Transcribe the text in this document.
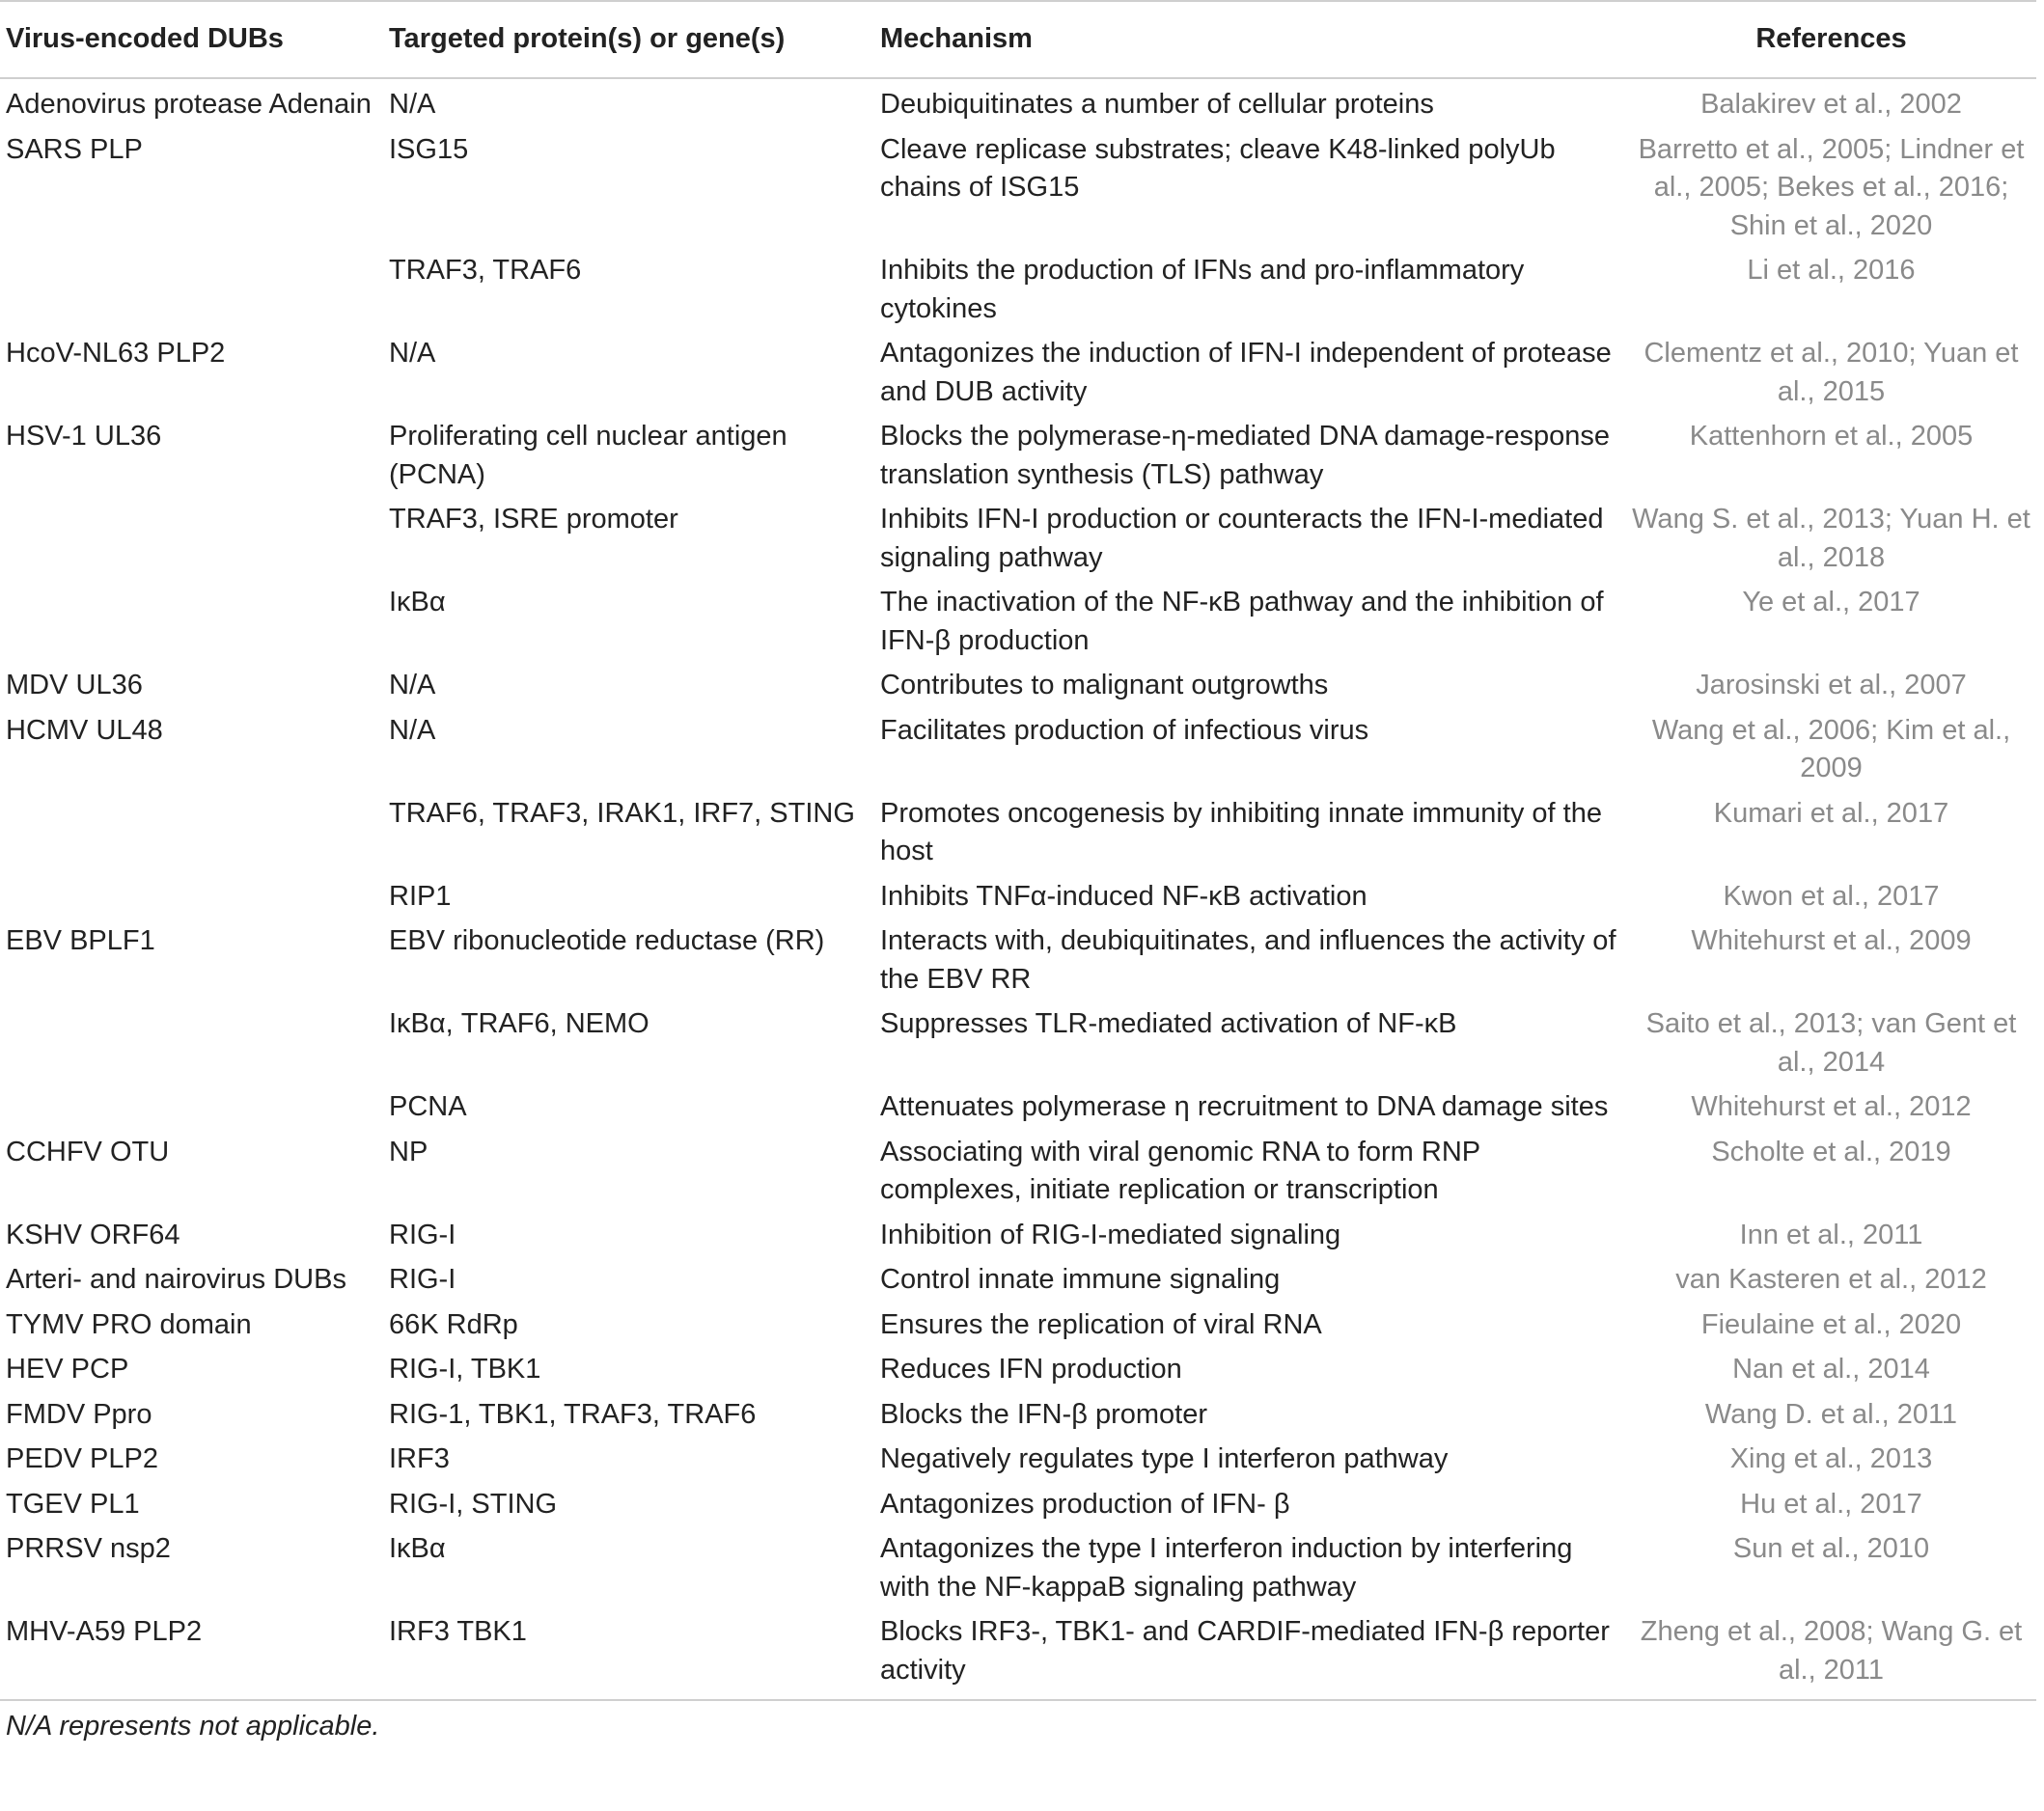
Virus-encoded DUBs	Targeted protein(s) or gene(s)	Mechanism	References
Adenovirus protease Adenain	N/A	Deubiquitinates a number of cellular proteins	Balakirev et al., 2002
SARS PLP	ISG15	Cleave replicase substrates; cleave K48-linked polyUb chains of ISG15	Barretto et al., 2005; Lindner et al., 2005; Bekes et al., 2016; Shin et al., 2020
	TRAF3, TRAF6	Inhibits the production of IFNs and pro-inflammatory cytokines	Li et al., 2016
HcoV-NL63 PLP2	N/A	Antagonizes the induction of IFN-I independent of protease and DUB activity	Clementz et al., 2010; Yuan et al., 2015
HSV-1 UL36	Proliferating cell nuclear antigen (PCNA)	Blocks the polymerase-η-mediated DNA damage-response translation synthesis (TLS) pathway	Kattenhorn et al., 2005
	TRAF3, ISRE promoter	Inhibits IFN-I production or counteracts the IFN-I-mediated signaling pathway	Wang S. et al., 2013; Yuan H. et al., 2018
	IκBα	The inactivation of the NF-κB pathway and the inhibition of IFN-β production	Ye et al., 2017
MDV UL36	N/A	Contributes to malignant outgrowths	Jarosinski et al., 2007
HCMV UL48	N/A	Facilitates production of infectious virus	Wang et al., 2006; Kim et al., 2009
	TRAF6, TRAF3, IRAK1, IRF7, STING	Promotes oncogenesis by inhibiting innate immunity of the host	Kumari et al., 2017
	RIP1	Inhibits TNFα-induced NF-κB activation	Kwon et al., 2017
EBV BPLF1	EBV ribonucleotide reductase (RR)	Interacts with, deubiquitinates, and influences the activity of the EBV RR	Whitehurst et al., 2009
	IκBα, TRAF6, NEMO	Suppresses TLR-mediated activation of NF-κB	Saito et al., 2013; van Gent et al., 2014
	PCNA	Attenuates polymerase η recruitment to DNA damage sites	Whitehurst et al., 2012
CCHFV OTU	NP	Associating with viral genomic RNA to form RNP complexes, initiate replication or transcription	Scholte et al., 2019
KSHV ORF64	RIG-I	Inhibition of RIG-I-mediated signaling	Inn et al., 2011
Arteri- and nairovirus DUBs	RIG-I	Control innate immune signaling	van Kasteren et al., 2012
TYMV PRO domain	66K RdRp	Ensures the replication of viral RNA	Fieulaine et al., 2020
HEV PCP	RIG-I, TBK1	Reduces IFN production	Nan et al., 2014
FMDV Ppro	RIG-1, TBK1, TRAF3, TRAF6	Blocks the IFN-β promoter	Wang D. et al., 2011
PEDV PLP2	IRF3	Negatively regulates type I interferon pathway	Xing et al., 2013
TGEV PL1	RIG-I, STING	Antagonizes production of IFN- β	Hu et al., 2017
PRRSV nsp2	IκBα	Antagonizes the type I interferon induction by interfering with the NF-kappaB signaling pathway	Sun et al., 2010
MHV-A59 PLP2	IRF3 TBK1	Blocks IRF3-, TBK1- and CARDIF-mediated IFN-β reporter activity	Zheng et al., 2008; Wang G. et al., 2011
N/A represents not applicable.
